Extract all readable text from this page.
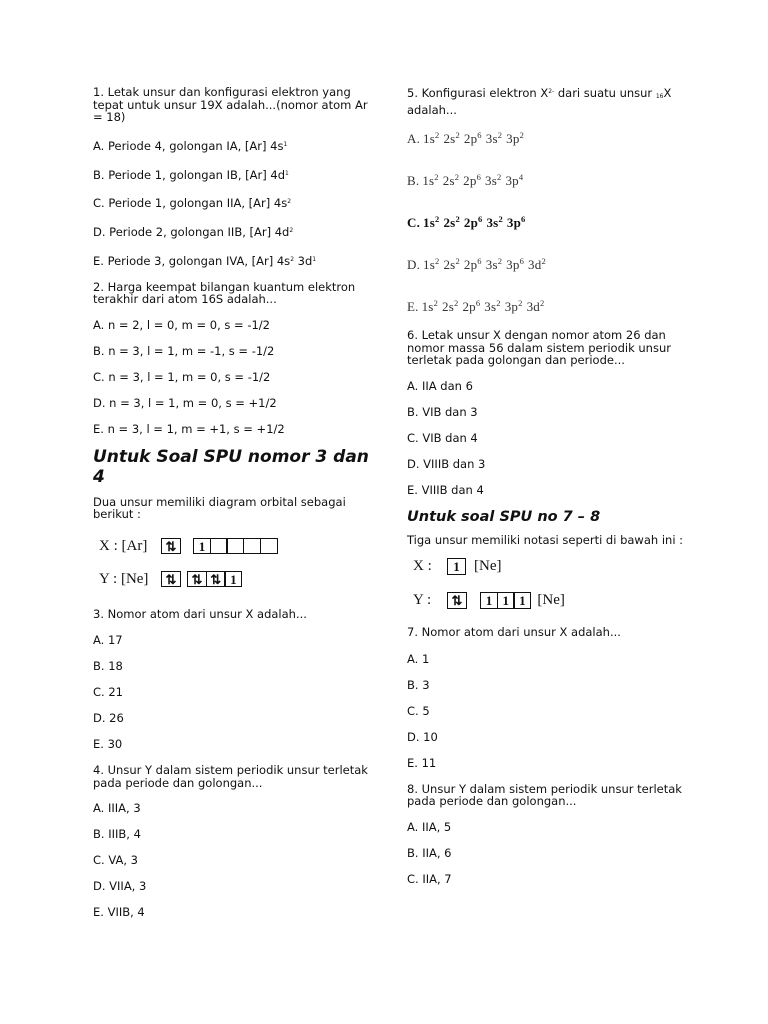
1. Letak unsur dan konfigurasi elektron yang tepat untuk unsur 19X adalah...(nomor atom Ar = 18)

A. Periode 4, golongan IA, [Ar] $4s^1$

B. Periode 1, golongan IB, [Ar] $4d^1$

C. Periode 1, golongan IIA, [Ar] $4s^2$

D. Periode 2, golongan IIB, [Ar] $4d^2$

E. Periode 3, golongan IVA, [Ar] $4s^2$ $3d^1$

2. Harga keempat bilangan kuantum elektron terakhir dari atom 16S adalah...

A. n = 2, l = 0, m = 0, s = -1/2

B. n = 3, l = 1, m = -1, s = -1/2

C. n = 3, l = 1, m = 0, s = -1/2

D. n = 3, l = 1, m = 0, s = +1/2

E. n = 3, l = 1, m = +1, s = +1/2

Untuk Soal SPU nomor 3 dan 4

Dua unsur memiliki diagram orbital sebagai berikut :

X : [Ar]	⇅	1
Y : [Ne]	⇅	⇅ ⇅ 1

3. Nomor atom dari unsur X adalah...

A. 17

B. 18

C. 21

D. 26

E. 30

4. Unsur Y dalam sistem periodik unsur terletak pada periode dan golongan...

A. IIIA, 3

B. IIIB, 4

C. VA, 3

D. VIIA, 3

E. VIIB, 4

5. Konfigurasi elektron $X^{2-}$ dari suatu unsur 16X adalah...

A. $1s^2$ $2s^2$ $2p^6$ $3s^2$ $3p^2$

B. $1s^2$ $2s^2$ $2p^6$ $3s^2$ $3p^4$

C. $1s^2$ $2s^2$ $2p^6$ $3s^2$ $3p^6$

D. $1s^2$ $2s^2$ $2p^6$ $3s^2$ $3p^6$ $3d^2$

E. $1s^2$ $2s^2$ $2p^6$ $3s^2$ $3p^2$ $3d^2$

6. Letak unsur X dengan nomor atom 26 dan nomor massa 56 dalam sistem periodik unsur terletak pada golongan dan periode...

A. IIA dan 6

B. VIB dan 3

C. VIB dan 4

D. VIIIB dan 3

E. VIIIB dan 4

Untuk soal SPU no 7 – 8

Tiga unsur memiliki notasi seperti di bawah ini :

X :	1 [Ne]
Y :	⇅	1 1 1 [Ne]

7. Nomor atom dari unsur X adalah...

A. 1

B. 3

C. 5

D. 10

E. 11

8. Unsur Y dalam sistem periodik unsur terletak pada periode dan golongan...

A. IIA, 5

B. IIA, 6

C. IIA, 7
